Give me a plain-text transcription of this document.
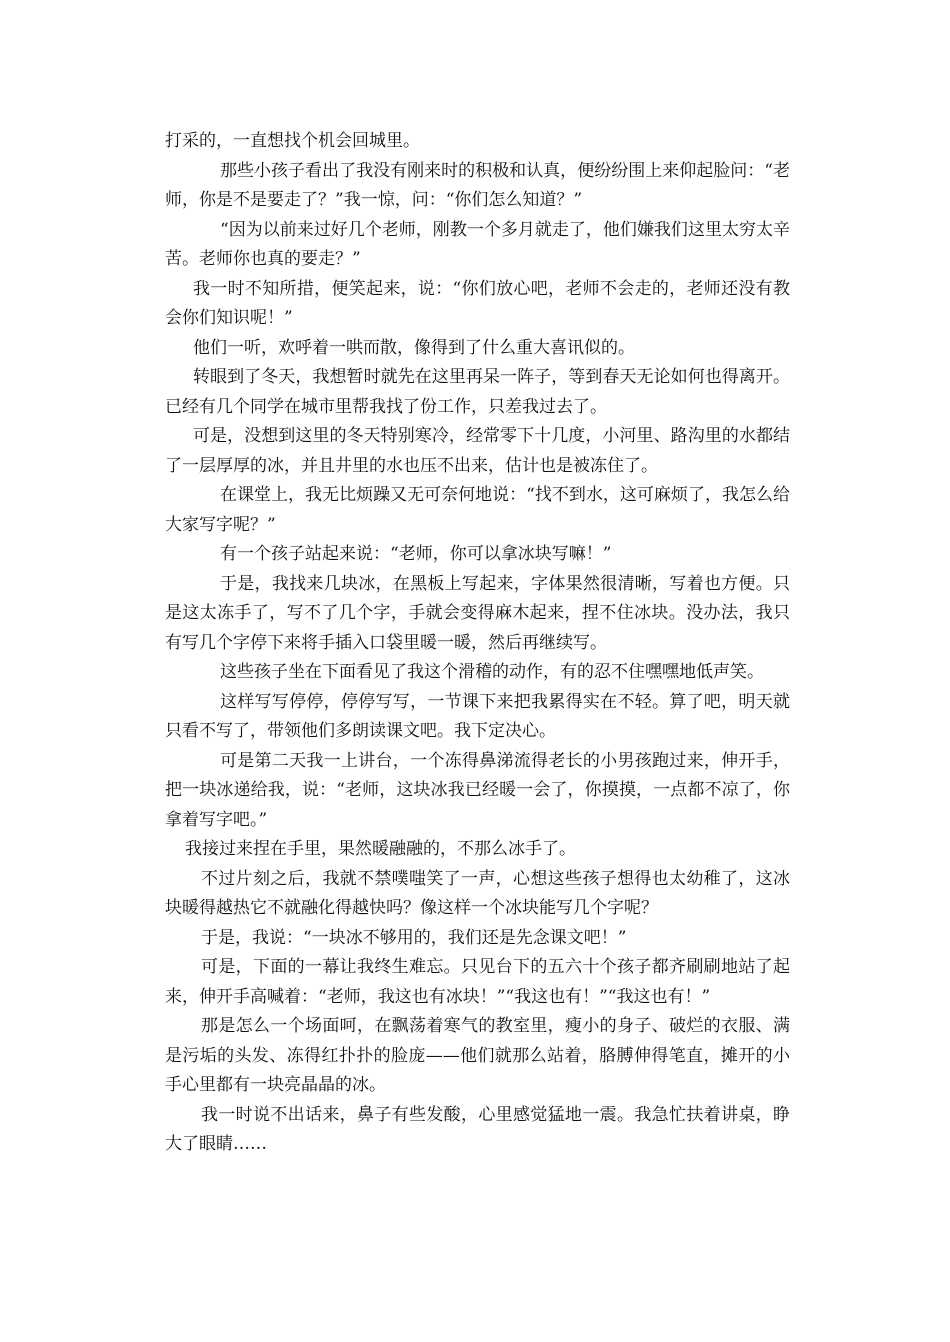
打采的，一直想找个机会回城里。

那些小孩子看出了我没有刚来时的积极和认真，便纷纷围上来仰起脸问：“老师，你是不是要走了？”我一惊，问：“你们怎么知道？”

“因为以前来过好几个老师，刚教一个多月就走了，他们嫌我们这里太穷太辛苦。老师你也真的要走？”

我一时不知所措，便笑起来，说：“你们放心吧，老师不会走的，老师还没有教会你们知识呢！”

他们一听，欢呼着一哄而散，像得到了什么重大喜讯似的。

转眼到了冬天，我想暂时就先在这里再呆一阵子，等到春天无论如何也得离开。已经有几个同学在城市里帮我找了份工作，只差我过去了。

可是，没想到这里的冬天特别寒冷，经常零下十几度，小河里、路沟里的水都结了一层厚厚的冰，并且井里的水也压不出来，估计也是被冻住了。

在课堂上，我无比烦躁又无可奈何地说：“找不到水，这可麻烦了，我怎么给大家写字呢？”

有一个孩子站起来说：“老师，你可以拿冰块写嘛！”

于是，我找来几块冰，在黑板上写起来，字体果然很清晰，写着也方便。只是这太冻手了，写不了几个字，手就会变得麻木起来，捏不住冰块。没办法，我只有写几个字停下来将手插入口袋里暖一暖，然后再继续写。

这些孩子坐在下面看见了我这个滑稽的动作，有的忍不住嘿嘿地低声笑。

这样写写停停，停停写写，一节课下来把我累得实在不轻。算了吧，明天就只看不写了，带领他们多朗读课文吧。我下定决心。

可是第二天我一上讲台，一个冻得鼻涕流得老长的小男孩跑过来，伸开手，把一块冰递给我，说：“老师，这块冰我已经暖一会了，你摸摸，一点都不凉了，你拿着写字吧。”

我接过来捏在手里，果然暖融融的，不那么冰手了。

不过片刻之后，我就不禁噗嗤笑了一声，心想这些孩子想得也太幼稚了，这冰块暖得越热它不就融化得越快吗？像这样一个冰块能写几个字呢？

于是，我说：“一块冰不够用的，我们还是先念课文吧！”

可是，下面的一幕让我终生难忘。只见台下的五六十个孩子都齐刷刷地站了起来，伸开手高喊着：“老师，我这也有冰块！”“我这也有！”“我这也有！”

那是怎么一个场面呵，在飘荡着寒气的教室里，瘦小的身子、破烂的衣服、满是污垢的头发、冻得红扑扑的脸庞——他们就那么站着，胳膊伸得笔直，摊开的小手心里都有一块亮晶晶的冰。

我一时说不出话来，鼻子有些发酸，心里感觉猛地一震。我急忙扶着讲桌，睁大了眼睛……
